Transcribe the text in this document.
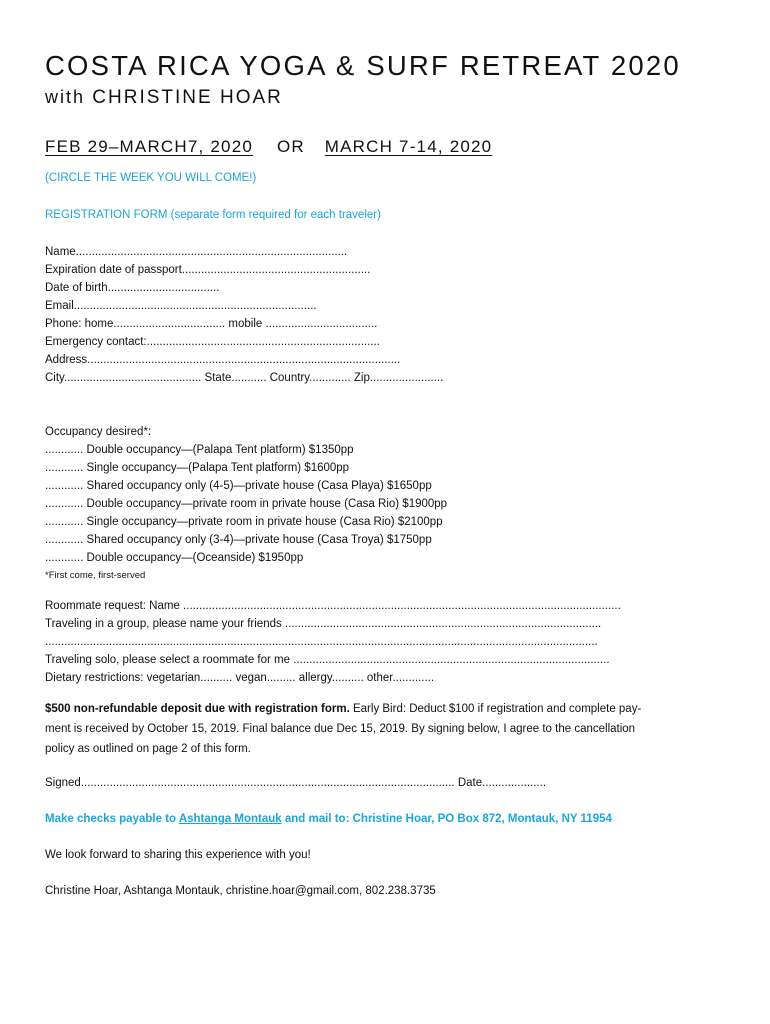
COSTA RICA YOGA & SURF RETREAT 2020
with CHRISTINE HOAR
FEB 29–MARCH7, 2020 OR MARCH 7-14, 2020
(CIRCLE THE WEEK YOU WILL COME!)
REGISTRATION FORM (separate form required for each traveler)
Name.....................................................................................
Expiration date of passport...........................................................
Date of birth...................................
Email............................................................................
Phone: home................................... mobile ...................................
Emergency contact:.........................................................................
Address..................................................................................................
City........................................... State........... Country............. Zip.......................
Occupancy desired*:
............ Double occupancy—(Palapa Tent platform) $1350pp
............ Single occupancy—(Palapa Tent platform) $1600pp
............ Shared occupancy only (4-5)—private house (Casa Playa) $1650pp
............ Double occupancy—private room in private house (Casa Rio) $1900pp
............ Single occupancy—private room in private house (Casa Rio) $2100pp
............ Shared occupancy only (3-4)—private house (Casa Troya) $1750pp
............ Double occupancy—(Oceanside) $1950pp
*First come, first-served
Roommate request: Name .........................................................................................................................................
Traveling in a group, please name your friends ...................................................................................................
.............................................................................................................................................................................
Traveling solo, please select a roommate for me ...................................................................................................
Dietary restrictions: vegetarian.......... vegan......... allergy.......... other.............
$500 non-refundable deposit due with registration form. Early Bird: Deduct $100 if registration and complete pay-
ment is received by October 15, 2019. Final balance due Dec 15, 2019. By signing below, I agree to the cancellation
policy as outlined on page 2 of this form.
Signed..................................................................................................................... Date....................
Make checks payable to Ashtanga Montauk and mail to: Christine Hoar, PO Box 872, Montauk, NY 11954
We look forward to sharing this experience with you!
Christine Hoar, Ashtanga Montauk, christine.hoar@gmail.com, 802.238.3735
